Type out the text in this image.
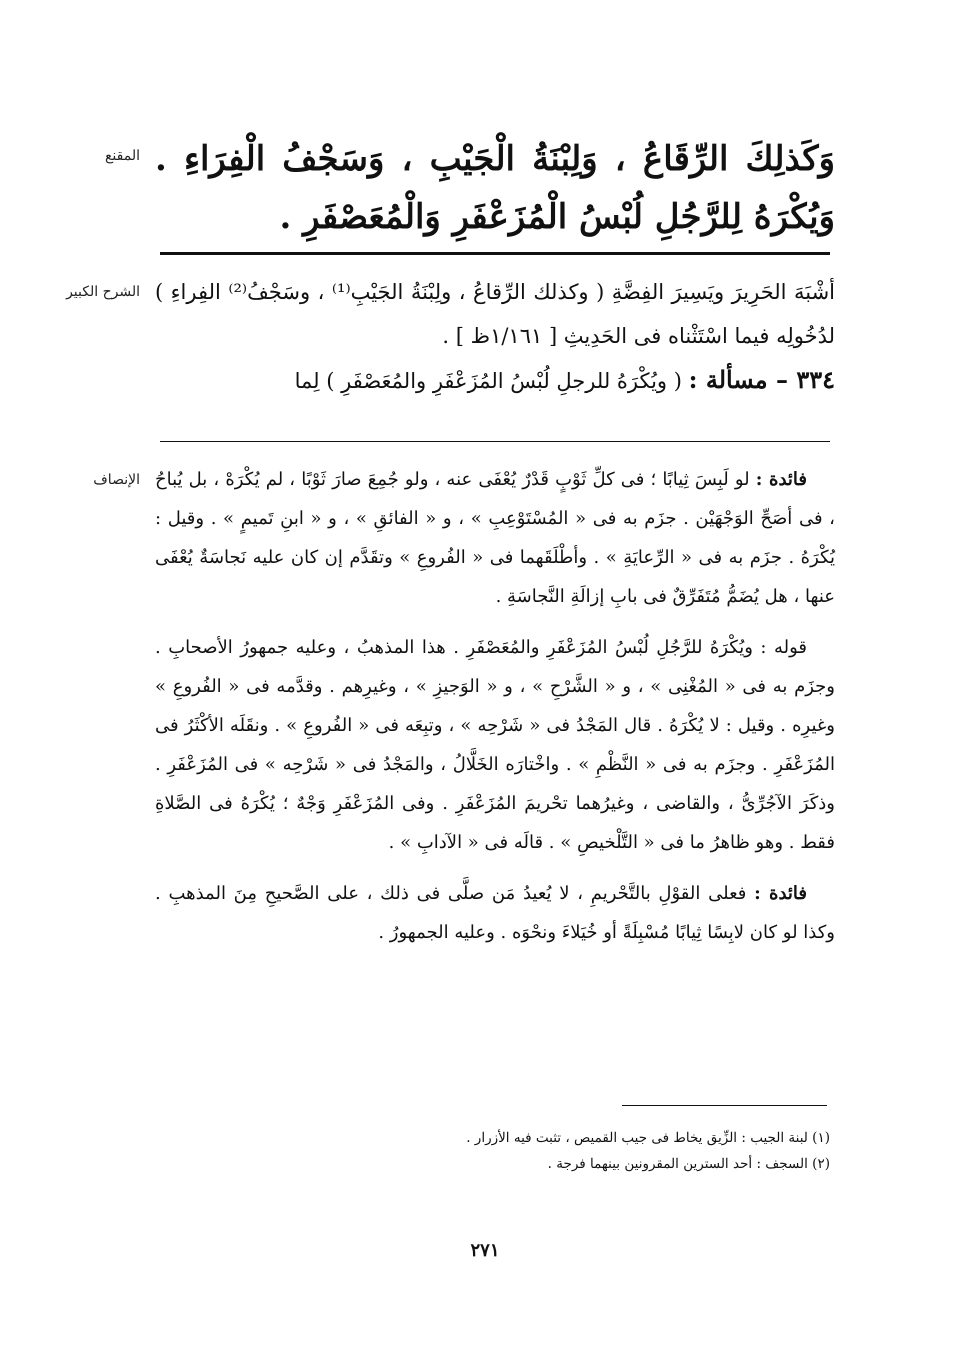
المقنع وَكَذلِكَ الرِّقَاعُ ، وَلِبْنَةُ الْجَيْبِ ، وَسَجْفُ الْفِرَاءِ . وَيُكْرَهُ لِلرَّجُلِ لُبْسُ الْمُزَعْفَرِ وَالْمُعَصْفَرِ .
الشرح الكبير أشْبَهَ الحَرِيرَ ويَسِيرَ الفِضَّةِ ( وكذلك الرِّقاعُ ، ولِبْنَةُ الجَيْبِ⁽¹⁾ ، وسَجْفُ⁽²⁾ الفِراءِ ) لدُخُولِه فيما اسْتَثْناه فى الحَدِيثِ [ ١/١٦١ظ ] .
٣٣٤ – مسألة : ( ويُكْرَهُ للرجلِ لُبْسُ المُزَعْفَرِ والمُعَصْفَرِ ) لِما
الإنصاف	فائدة : لو لَبِسَ ثِيابًا ؛ فى كلِّ ثَوْبٍ قَدْرٌ يُعْفَى عنه ، ولو جُمِعَ صارَ ثَوْبًا ، لم يُكْرَهْ ، بل يُباحُ ، فى أصَحِّ الوَجْهَيْن . جزَم به فى « المُسْتَوْعِبِ » ، و « الفائقِ » ، و « ابنِ تَميمٍ » . وقيل : يُكْرَهُ . جزَم به فى « الرِّعايَةِ » . وأطْلَقَهما فى « الفُروعِ » وتقَدَّم إن كان عليه نَجاسَةٌ يُعْفَى عنها ، هل يُضَمُّ مُتَفَرِّقٌ فى بابِ إزالَةِ النَّجاسَةِ .

قوله : ويُكْرَهُ للرَّجُلِ لُبْسُ المُزَعْفَرِ والمُعَصْفَرِ . هذا المذهبُ ، وعليه جمهورُ الأصحابِ . وجزَم به فى « المُغْنِى » ، و « الشَّرْحِ » ، و « الوَجيزِ » ، وغيرِهم . وقدَّمه فى « الفُروعِ » وغيرِه . وقيل : لا يُكْرَهُ . قال المَجْدُ فى « شَرْحِه » ، وتبِعَه فى « الفُروعِ » . ونقَلَه الأكْثَرُ فى المُزَعْفَرِ . وجزَم به فى « النَّظْمِ » . واخْتارَه الخَلَّالُ ، والمَجْدُ فى « شَرْحِه » فى المُزَعْفَرِ . وذكَرَ الآجُرِّىُّ ، والقاضى ، وغيرُهما تحْريمَ المُزَعْفَرِ . وفى المُزَعْفَرِ وَجْهٌ ؛ يُكْرَهُ فى الصَّلاةِ فقط . وهو ظاهرُ ما فى « التَّلْخيصِ » . قالَه فى « الآدابِ » .

فائدة : فعلى القوْلِ بالتَّحْريمِ ، لا يُعيدُ مَن صلَّى فى ذلك ، على الصَّحيحِ مِنَ المذهبِ . وكذا لو كان لابِسًا ثِيابًا مُسْبِلَةً أو خُيَلاءَ ونحْوَه . وعليه الجمهورُ .

(١) لبنة الجيب : الزِّيق يخاط فى جيب القميص ، تثبت فيه الأزرار .
(٢) السجف : أحد السترين المقرونين بينهما فرجة .
٢٧١
